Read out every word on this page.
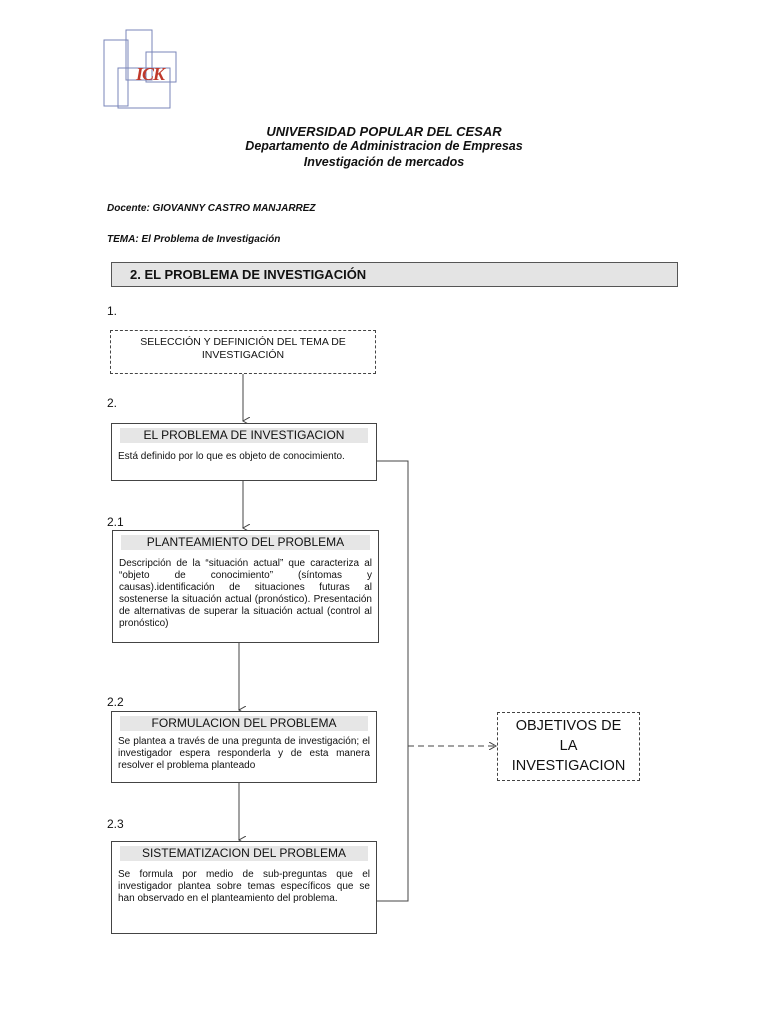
ICK
UNIVERSIDAD POPULAR DEL CESAR
Departamento de Administracion de Empresas
Investigación de mercados
Docente: GIOVANNY CASTRO MANJARREZ
TEMA: El Problema de Investigación
2. EL PROBLEMA DE INVESTIGACIÓN
1.
2.
2.1
2.2
2.3
SELECCIÓN Y DEFINICIÓN DEL TEMA DE INVESTIGACIÓN
EL PROBLEMA DE INVESTIGACION
Está definido por lo que es objeto de conocimiento.
PLANTEAMIENTO DEL PROBLEMA
Descripción de la “situación actual” que caracteriza al “objeto de conocimiento” (síntomas y causas).identificación de situaciones futuras al sostenerse la situación actual (pronóstico). Presentación de alternativas de superar la situación actual (control al pronóstico)
FORMULACION DEL PROBLEMA
Se plantea a través de una pregunta de investigación; el investigador espera responderla y de esta manera resolver el problema planteado
SISTEMATIZACION DEL PROBLEMA
Se formula por medio de sub-preguntas que el investigador plantea sobre temas específicos que se han observado en el planteamiento del problema.
OBJETIVOS DE LA INVESTIGACION
